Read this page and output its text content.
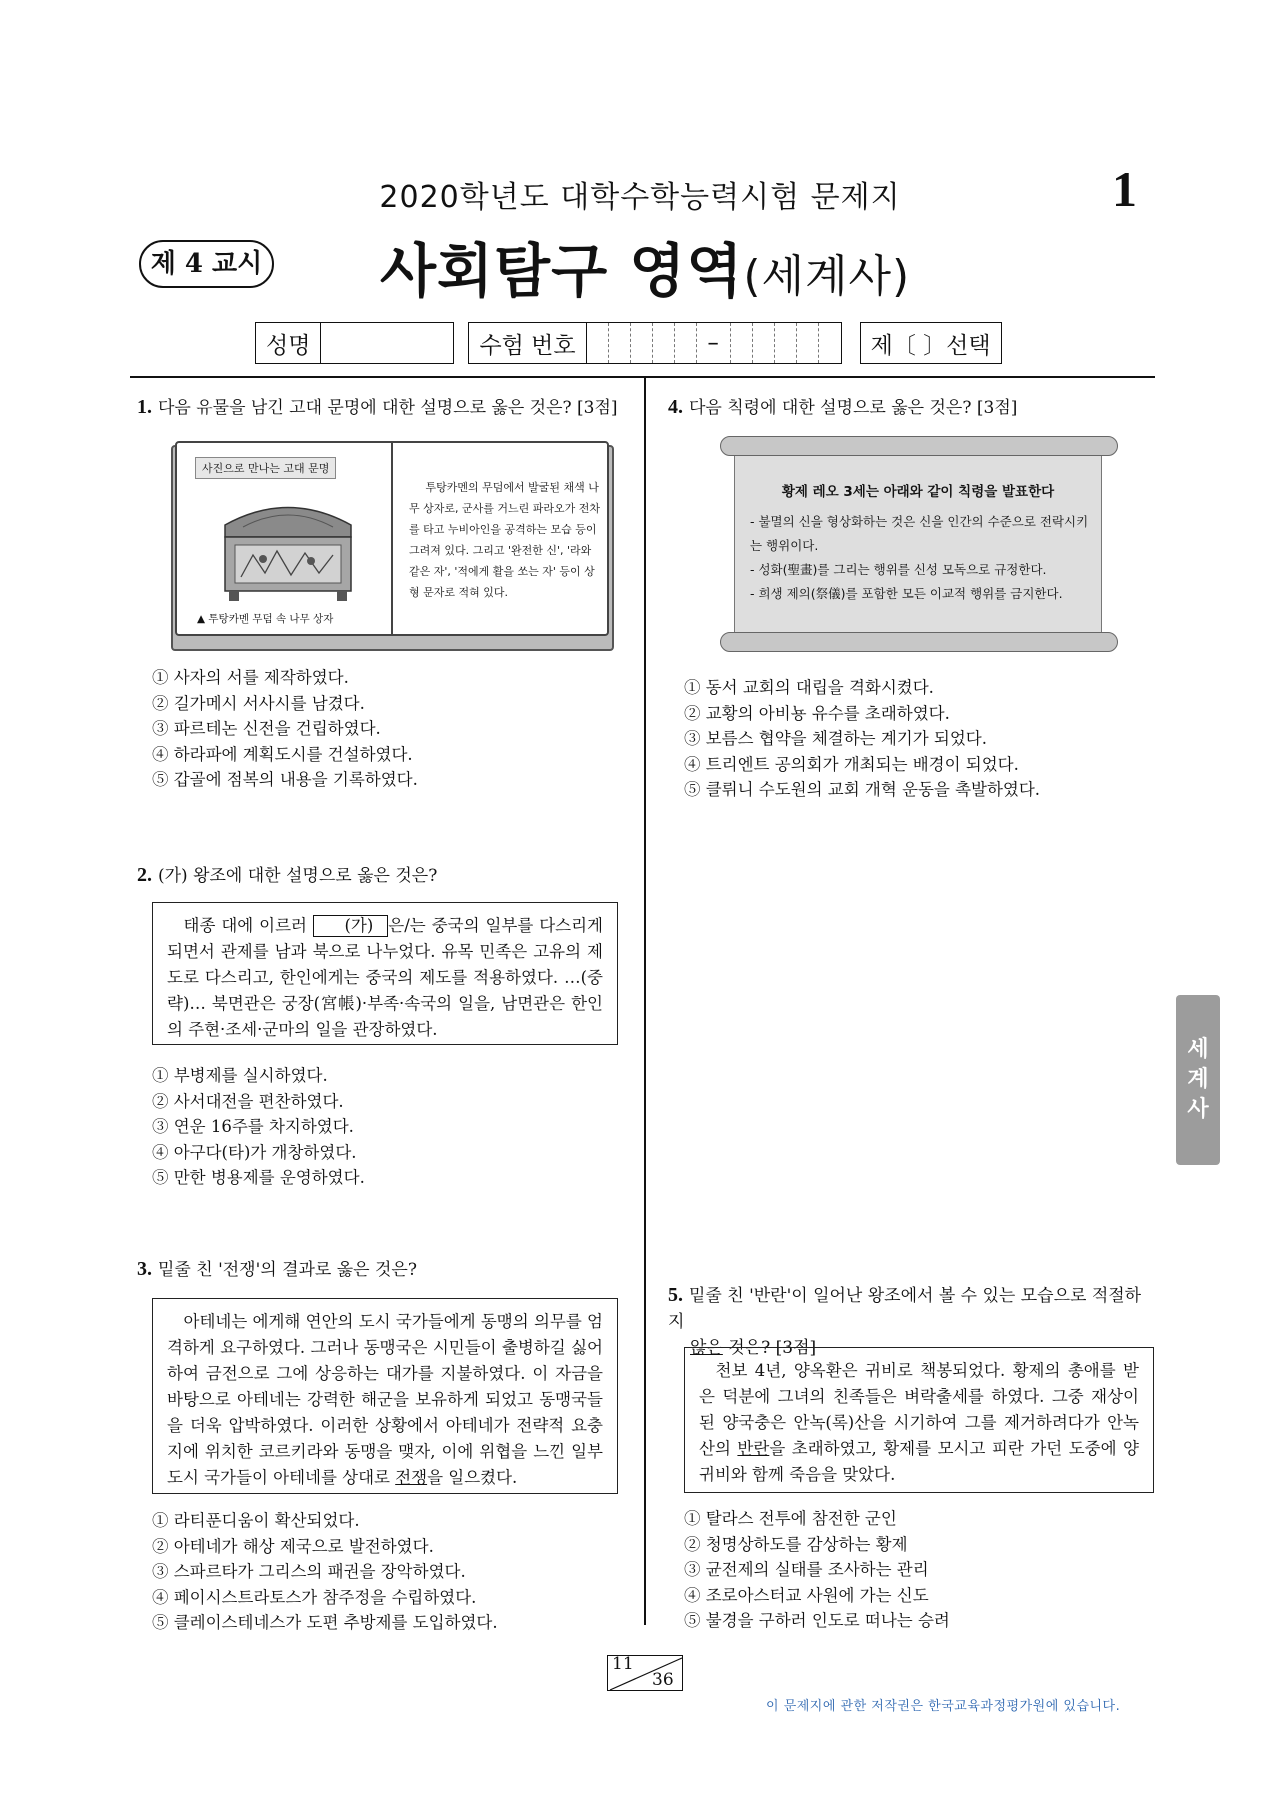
2020학년도 대학수학능력시험 문제지	1
제 4 교시 사회탐구 영역(세계사)
성명	수험 번호	–	제〔 〕선택
1. 다음 유물을 남긴 고대 문명에 대한 설명으로 옳은 것은? [3점]
사진으로 만나는 고대 문명
▲ 투탕카멘 무덤 속 나무 상자

투탕카멘의 무덤에서 발굴된 채색 나무 상자로, 군사를 거느린 파라오가 전차를 타고 누비아인을 공격하는 모습 등이 그려져 있다. 그리고 '완전한 신', '라와 같은 자', '적에게 활을 쏘는 자' 등이 상형 문자로 적혀 있다.

① 사자의 서를 제작하였다.
② 길가메시 서사시를 남겼다.
③ 파르테논 신전을 건립하였다.
④ 하라파에 계획도시를 건설하였다.
⑤ 갑골에 점복의 내용을 기록하였다.
2. (가) 왕조에 대한 설명으로 옳은 것은?

태종 대에 이르러 (가) 은/는 중국의 일부를 다스리게 되면서 관제를 남과 북으로 나누었다. 유목 민족은 고유의 제도로 다스리고, 한인에게는 중국의 제도를 적용하였다. …(중략)… 북면관은 궁장(宮帳)·부족·속국의 일을, 남면관은 한인의 주현·조세·군마의 일을 관장하였다.

① 부병제를 실시하였다.
② 사서대전을 편찬하였다.
③ 연운 16주를 차지하였다.
④ 아구다(타)가 개창하였다.
⑤ 만한 병용제를 운영하였다.
3. 밑줄 친 '전쟁'의 결과로 옳은 것은?

아테네는 에게해 연안의 도시 국가들에게 동맹의 의무를 엄격하게 요구하였다. 그러나 동맹국은 시민들이 출병하길 싫어하여 금전으로 그에 상응하는 대가를 지불하였다. 이 자금을 바탕으로 아테네는 강력한 해군을 보유하게 되었고 동맹국들을 더욱 압박하였다. 이러한 상황에서 아테네가 전략적 요충지에 위치한 코르키라와 동맹을 맺자, 이에 위협을 느낀 일부 도시 국가들이 아테네를 상대로 전쟁을 일으켰다.

① 라티푼디움이 확산되었다.
② 아테네가 해상 제국으로 발전하였다.
③ 스파르타가 그리스의 패권을 장악하였다.
④ 페이시스트라토스가 참주정을 수립하였다.
⑤ 클레이스테네스가 도편 추방제를 도입하였다.
4. 다음 칙령에 대한 설명으로 옳은 것은? [3점]
황제 레오 3세는 아래와 같이 칙령을 발표한다
- 불멸의 신을 형상화하는 것은 신을 인간의 수준으로 전락시키는 행위이다.
- 성화(聖畫)를 그리는 행위를 신성 모독으로 규정한다.
- 희생 제의(祭儀)를 포함한 모든 이교적 행위를 금지한다.
① 동서 교회의 대립을 격화시켰다.
② 교황의 아비뇽 유수를 초래하였다.
③ 보름스 협약을 체결하는 계기가 되었다.
④ 트리엔트 공의회가 개최되는 배경이 되었다.
⑤ 클뤼니 수도원의 교회 개혁 운동을 촉발하였다.
5. 밑줄 친 '반란'이 일어난 왕조에서 볼 수 있는 모습으로 적절하지
않은 것은? [3점]

천보 4년, 양옥환은 귀비로 책봉되었다. 황제의 총애를 받은 덕분에 그녀의 친족들은 벼락출세를 하였다. 그중 재상이 된 양국충은 안녹(록)산을 시기하여 그를 제거하려다가 안녹산의 반란을 초래하였고, 황제를 모시고 피란 가던 도중에 양귀비와 함께 죽음을 맞았다.

① 탈라스 전투에 참전한 군인
② 청명상하도를 감상하는 황제
③ 균전제의 실태를 조사하는 관리
④ 조로아스터교 사원에 가는 신도
⑤ 불경을 구하러 인도로 떠나는 승려
세
계
사
11
36
이 문제지에 관한 저작권은 한국교육과정평가원에 있습니다.
